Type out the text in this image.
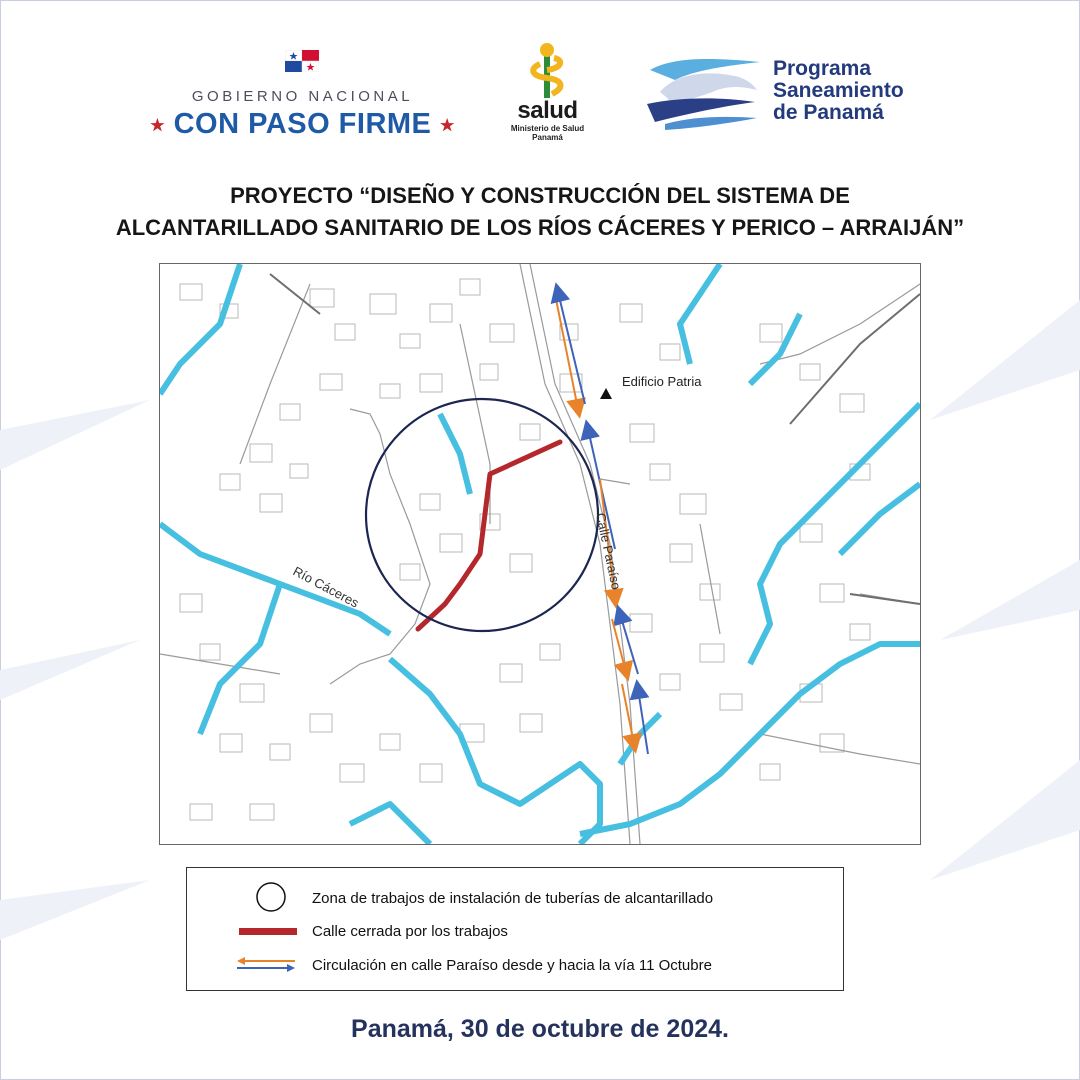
GOBIERNO NACIONAL
★ CON PASO FIRME ★
salud
Ministerio de Salud
Panamá
Programa
Saneamiento
de Panamá
PROYECTO “DISEÑO Y CONSTRUCCIÓN DEL SISTEMA DE
ALCANTARILLADO SANITARIO DE LOS RÍOS CÁCERES Y PERICO – ARRAIJÁN”
Edificio Patria
Calle Paraíso
Río Cáceres
Zona de trabajos de instalación de tuberías de alcantarillado
Calle cerrada por los trabajos
Circulación en calle Paraíso desde y hacia la vía 11 Octubre
Panamá, 30 de octubre de 2024.
